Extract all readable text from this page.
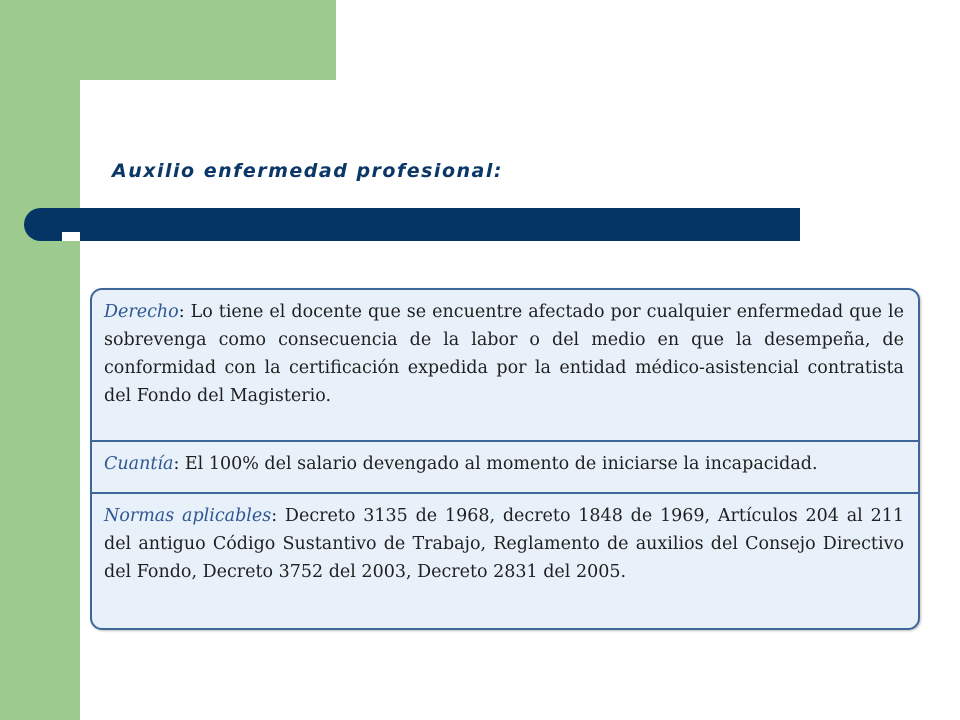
Auxilio enfermedad profesional:
Derecho: Lo tiene el docente que se encuentre afectado por cualquier enfermedad que le sobrevenga como consecuencia de la labor o del medio en que la desempeña, de conformidad con la certificación expedida por la entidad médico-asistencial contratista del Fondo del Magisterio.
Cuantía: El 100% del salario devengado al momento de iniciarse la incapacidad.
Normas aplicables: Decreto 3135 de 1968, decreto 1848 de 1969, Artículos 204 al 211 del antiguo Código Sustantivo de Trabajo, Reglamento de auxilios del Consejo Directivo del Fondo, Decreto 3752 del 2003, Decreto 2831 del 2005.
